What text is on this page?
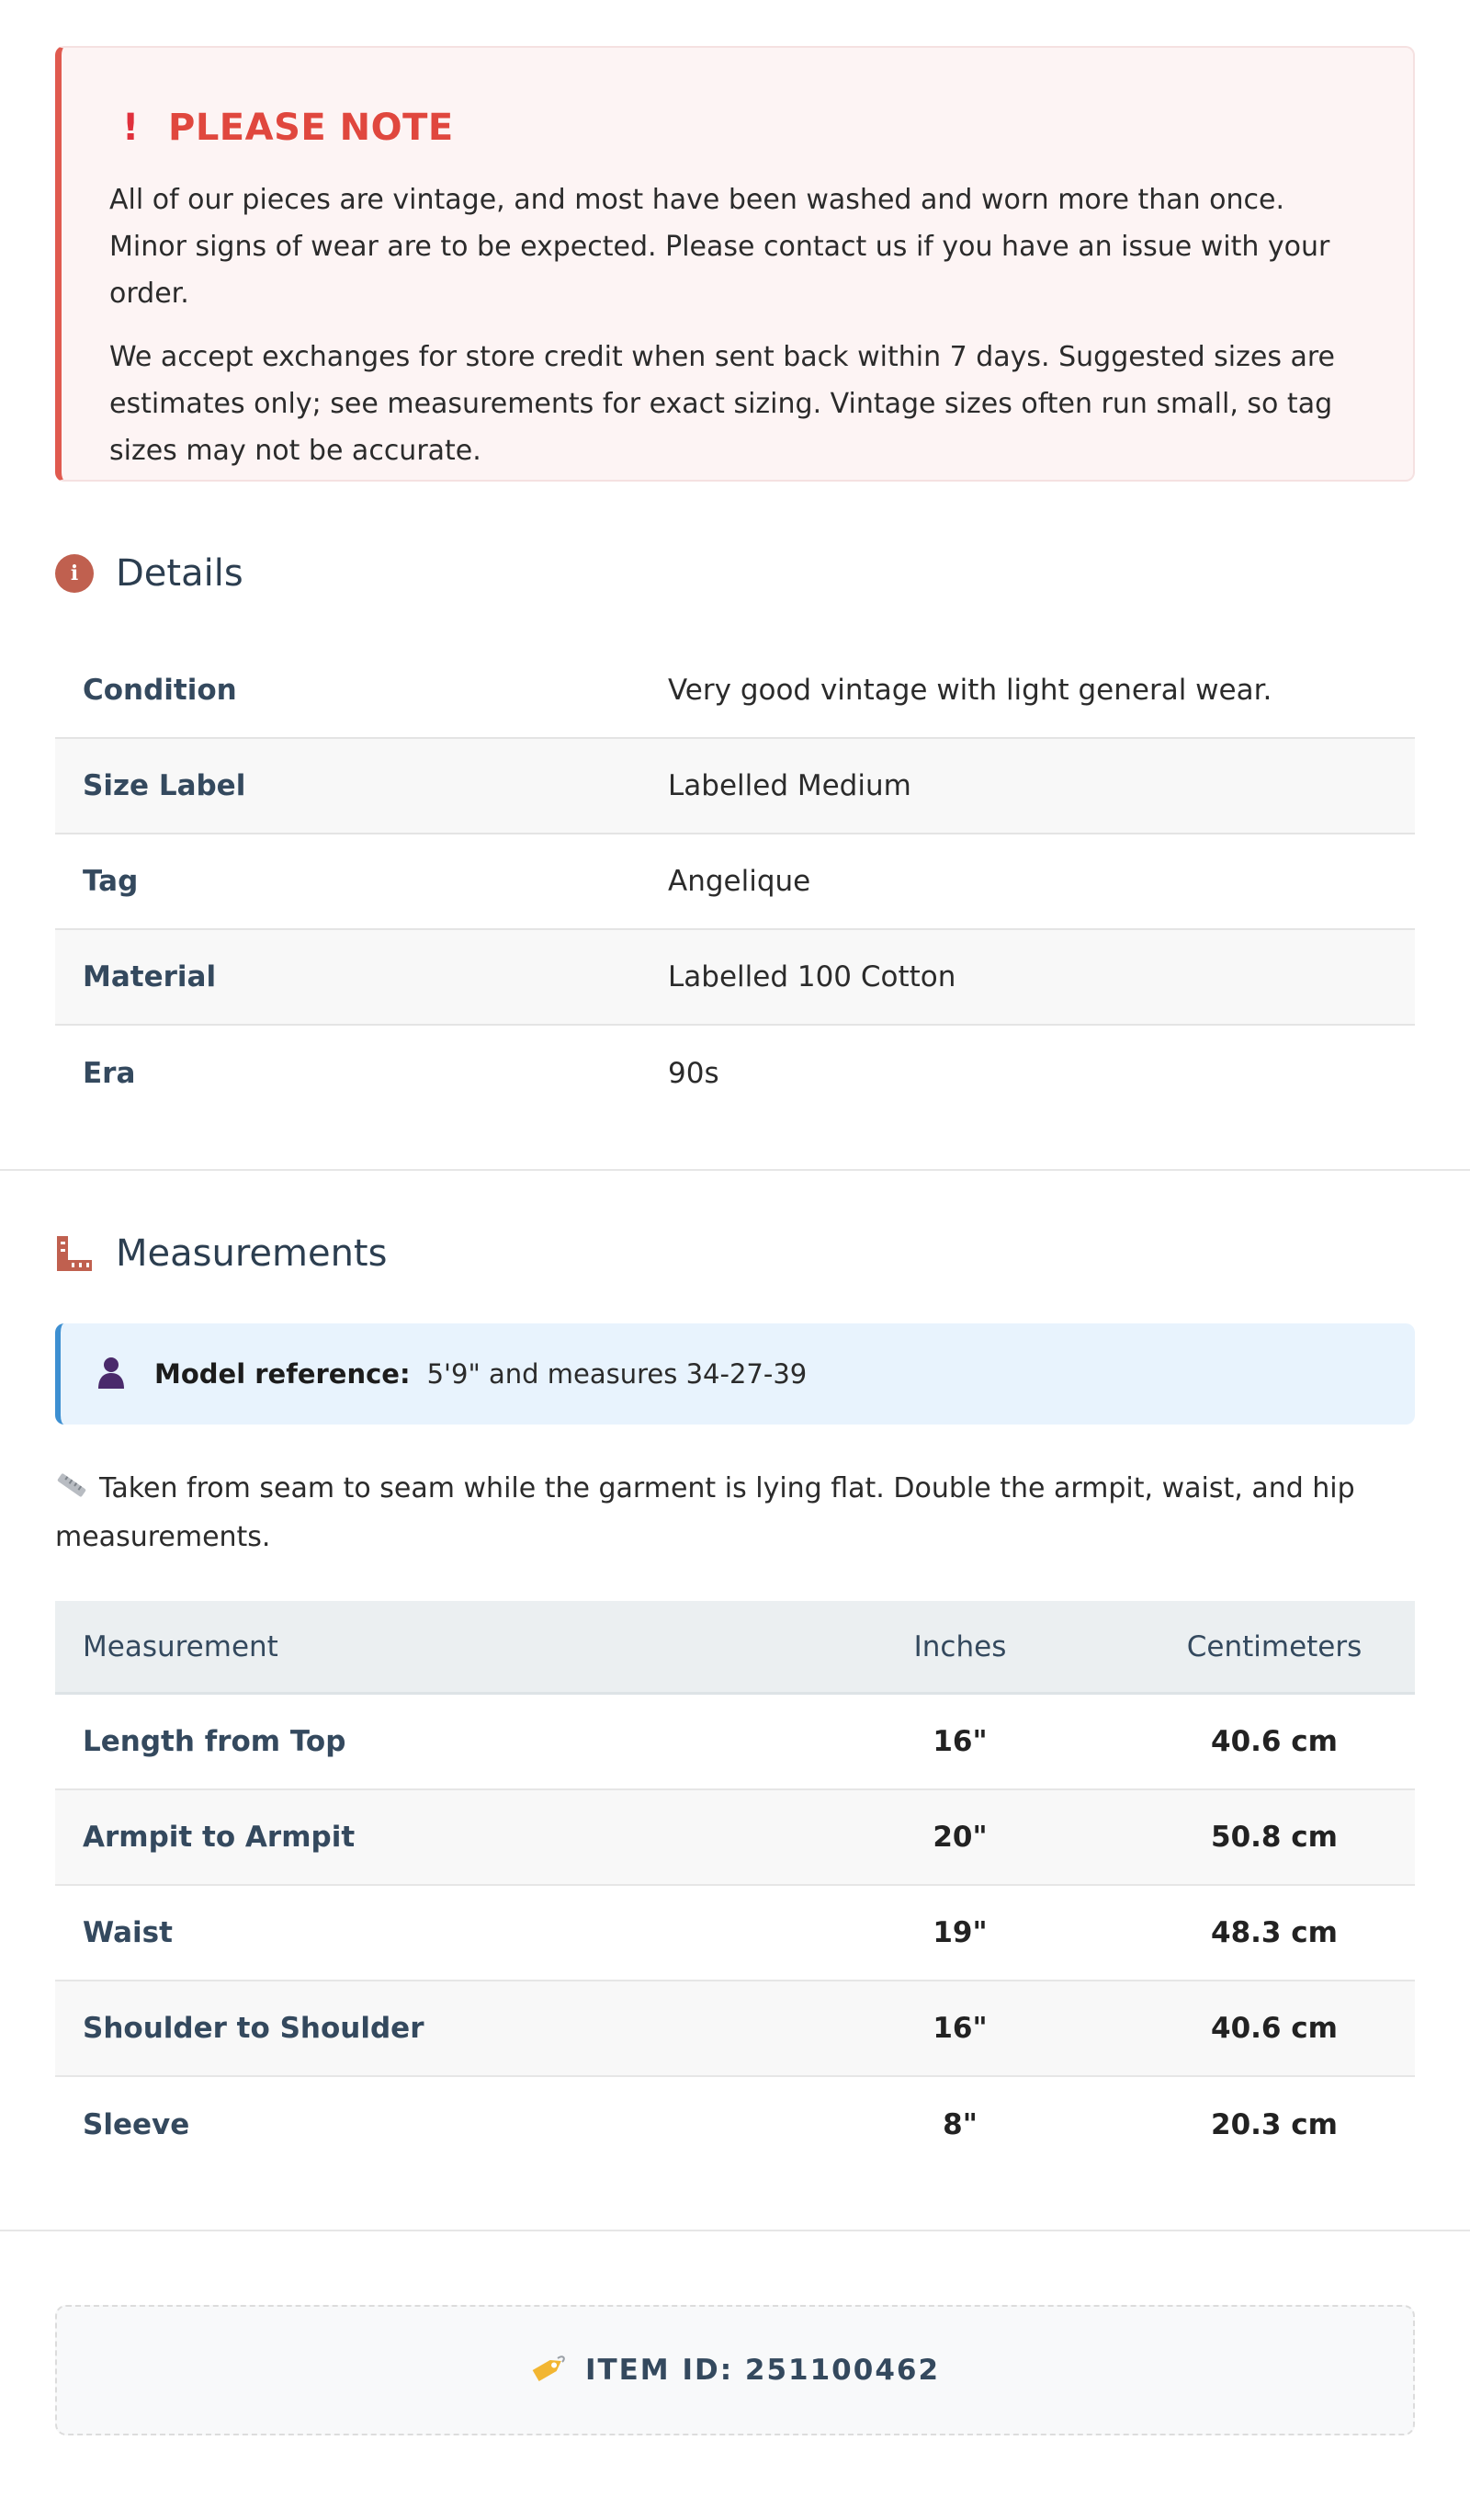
! PLEASE NOTE

All of our pieces are vintage, and most have been washed and worn more than once. Minor signs of wear are to be expected. Please contact us if you have an issue with your order.

We accept exchanges for store credit when sent back within 7 days. Suggested sizes are estimates only; see measurements for exact sizing. Vintage sizes often run small, so tag sizes may not be accurate.

i	Details
Condition	Very good vintage with light general wear.
Size Label	Labelled Medium
Tag	Angelique
Material	Labelled 100 Cotton
Era	90s
Measurements
Model reference: 5'9" and measures 34-27-39
Taken from seam to seam while the garment is lying flat. Double the armpit, waist, and hip measurements.
Measurement	Inches	Centimeters
Length from Top	16"	40.6 cm
Armpit to Armpit	20"	50.8 cm
Waist	19"	48.3 cm
Shoulder to Shoulder	16"	40.6 cm
Sleeve	8"	20.3 cm
ITEM ID: 251100462
